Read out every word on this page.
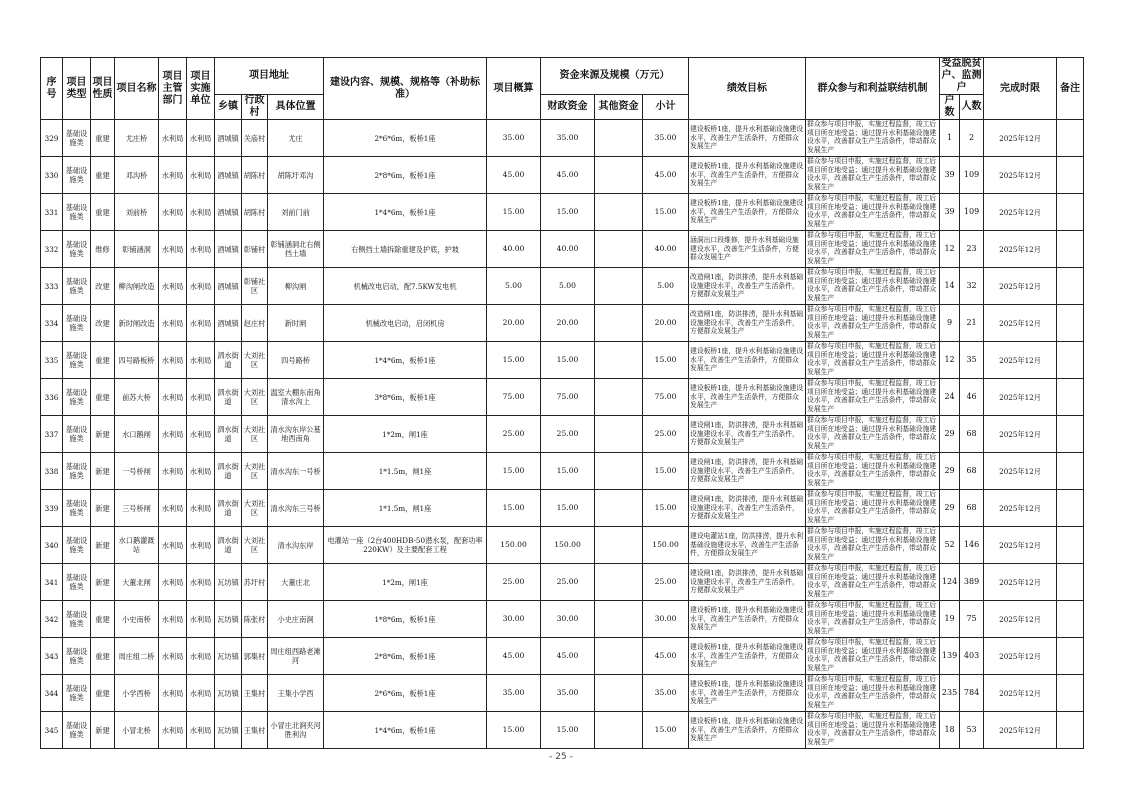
序号	项目类型	项目性质	项目名称	项目主管部门	项目实施单位	项目地址			建设内容、规模、规格等（补助标准）	项目概算	资金来源及规模（万元）			绩效目标	群众参与和利益联结机制	受益脱贫户、监测户		完成时限	备注
						乡镇	行政村	具体位置			财政资金	其他资金	小计			户数	人数		
329	基础设施类	重建	尤庄桥	水利局	水利局	酒城镇	关庙村	尤庄	2*6*6m，板桥1座	35.00	35.00		35.00	建设板桥1座，提升水利基础设施建设水平，改善生产生活条件，方便群众发展生产	群众参与项目申报，实施过程监督，竣工后项目所在地受益；通过提升水利基础设施建设水平，改善群众生产生活条件，带动群众发展生产	1	2	2025年12月	
330	基础设施类	重建	邓沟桥	水利局	水利局	酒城镇	胡陈村	胡陈圩邓沟	2*8*6m，板桥1座	45.00	45.00		45.00	建设板桥1座，提升水利基础设施建设水平，改善生产生活条件，方便群众发展生产	群众参与项目申报，实施过程监督，竣工后项目所在地受益；通过提升水利基础设施建设水平，改善群众生产生活条件，带动群众发展生产	39	109	2025年12月	
331	基础设施类	重建	刘前桥	水利局	水利局	酒城镇	胡陈村	刘前门前	1*4*6m，板桥1座	15.00	15.00		15.00	建设板桥1座，提升水利基础设施建设水平，改善生产生活条件，方便群众发展生产	群众参与项目申报，实施过程监督，竣工后项目所在地受益；通过提升水利基础设施建设水平，改善群众生产生活条件，带动群众发展生产	39	109	2025年12月	
332	基础设施类	维修	彰铺涵洞	水利局	水利局	酒城镇	彰铺村	彰铺涵洞北右侧挡土墙	右侧挡土墙拆除重建及护底，护坡	40.00	40.00		40.00	涵洞出口段维修，提升水利基础设施建设水平，改善生产生活条件，方便群众发展生产	群众参与项目申报，实施过程监督，竣工后项目所在地受益；通过提升水利基础设施建设水平，改善群众生产生活条件，带动群众发展生产	12	23	2025年12月	
333	基础设施类	改建	柳沟闸改造	水利局	水利局	酒城镇	彰铺社区	柳沟闸	机械改电启动，配7.5KW发电机	5.00	5.00		5.00	改造闸1座，防洪排涝，提升水利基础设施建设水平，改善生产生活条件，方便群众发展生产	群众参与项目申报，实施过程监督，竣工后项目所在地受益；通过提升水利基础设施建设水平，改善群众生产生活条件，带动群众发展生产	14	32	2025年12月	
334	基础设施类	改建	新时闸改造	水利局	水利局	酒城镇	赵庄村	新时闸	机械改电启动，启闭机房	20.00	20.00		20.00	改造闸1座，防洪排涝，提升水利基础设施建设水平，改善生产生活条件，方便群众发展生产	群众参与项目申报，实施过程监督，竣工后项目所在地受益；通过提升水利基础设施建设水平，改善群众生产生活条件，带动群众发展生产	9	21	2025年12月	
335	基础设施类	重建	四号路板桥	水利局	水利局	泗水街道	大刘社区	四号路桥	1*4*6m，板桥1座	15.00	15.00		15.00	建设板桥1座，提升水利基础设施建设水平，改善生产生活条件，方便群众发展生产	群众参与项目申报，实施过程监督，竣工后项目所在地受益；通过提升水利基础设施建设水平，改善群众生产生活条件，带动群众发展生产	12	35	2025年12月	
336	基础设施类	重建	前苏大桥	水利局	水利局	泗水街道	大刘社区	温室大棚东南角清水沟上	3*8*6m，板桥1座	75.00	75.00		75.00	建设板桥1座，提升水利基础设施建设水平，改善生产生活条件，方便群众发展生产	群众参与项目申报，实施过程监督，竣工后项目所在地受益；通过提升水利基础设施建设水平，改善群众生产生活条件，带动群众发展生产	24	46	2025年12月	
337	基础设施类	新建	水口鹅闸	水利局	水利局	泗水街道	大刘社区	清水沟东岸公墓地西南角	1*2m，闸1座	25.00	25.00		25.00	建设闸1座，防洪排涝，提升水利基础设施建设水平，改善生产生活条件，方便群众发展生产	群众参与项目申报，实施过程监督，竣工后项目所在地受益；通过提升水利基础设施建设水平，改善群众生产生活条件，带动群众发展生产	29	68	2025年12月	
338	基础设施类	新建	一号桥闸	水利局	水利局	泗水街道	大刘社区	清水沟东一号桥	1*1.5m，闸1座	15.00	15.00		15.00	建设闸1座，防洪排涝，提升水利基础设施建设水平，改善生产生活条件，方便群众发展生产	群众参与项目申报，实施过程监督，竣工后项目所在地受益；通过提升水利基础设施建设水平，改善群众生产生活条件，带动群众发展生产	29	68	2025年12月	
339	基础设施类	新建	三号桥闸	水利局	水利局	泗水街道	大刘社区	清水沟东三号桥	1*1.5m，闸1座	15.00	15.00		15.00	建设闸1座，防洪排涝，提升水利基础设施建设水平，改善生产生活条件，方便群众发展生产	群众参与项目申报，实施过程监督，竣工后项目所在地受益；通过提升水利基础设施建设水平，改善群众生产生活条件，带动群众发展生产	29	68	2025年12月	
340	基础设施类	新建	水口鹅灌溉站	水利局	水利局	泗水街道	大刘社区	清水沟东岸	电灌站一座（2台400HDB-50潜水泵，配套功率220KW）及主要配套工程	150.00	150.00		150.00	建设电灌站1座，防洪排涝，提升水利基础设施建设水平，改善生产生活条件，方便群众发展生产	群众参与项目申报，实施过程监督，竣工后项目所在地受益；通过提升水利基础设施建设水平，改善群众生产生活条件，带动群众发展生产	52	146	2025年12月	
341	基础设施类	新建	大董北闸	水利局	水利局	瓦坊镇	苏圩村	大董庄北	1*2m，闸1座	25.00	25.00		25.00	建设闸1座，防洪排涝，提升水利基础设施建设水平，改善生产生活条件，方便群众发展生产	群众参与项目申报，实施过程监督，竣工后项目所在地受益；通过提升水利基础设施建设水平，改善群众生产生活条件，带动群众发展生产	124	389	2025年12月	
342	基础设施类	重建	小史南桥	水利局	水利局	瓦坊镇	陈张村	小史庄南涧	1*8*6m，板桥1座	30.00	30.00		30.00	建设板桥1座，提升水利基础设施建设水平，改善生产生活条件，方便群众发展生产	群众参与项目申报，实施过程监督，竣工后项目所在地受益；通过提升水利基础设施建设水平，改善群众生产生活条件，带动群众发展生产	19	75	2025年12月	
343	基础设施类	重建	周庄组二桥	水利局	水利局	瓦坊镇	郭集村	周庄组西路老滩河	2*8*6m，板桥1座	45.00	45.00		45.00	建设板桥1座，提升水利基础设施建设水平，改善生产生活条件，方便群众发展生产	群众参与项目申报，实施过程监督，竣工后项目所在地受益；通过提升水利基础设施建设水平，改善群众生产生活条件，带动群众发展生产	139	403	2025年12月	
344	基础设施类	重建	小学西桥	水利局	水利局	瓦坊镇	王集村	王集小学西	2*6*6m，板桥1座	35.00	35.00		35.00	建设板桥1座，提升水利基础设施建设水平，改善生产生活条件，方便群众发展生产	群众参与项目申报，实施过程监督，竣工后项目所在地受益；通过提升水利基础设施建设水平，改善群众生产生活条件，带动群众发展生产	235	784	2025年12月	
345	基础设施类	新建	小冒北桥	水利局	水利局	瓦坊镇	王集村	小冒庄北涧夹河胜利沟	1*4*6m，板桥1座	15.00	15.00		15.00	建设板桥1座，提升水利基础设施建设水平，改善生产生活条件，方便群众发展生产	群众参与项目申报，实施过程监督，竣工后项目所在地受益；通过提升水利基础设施建设水平，改善群众生产生活条件，带动群众发展生产	18	53	2025年12月	
- 25 -
